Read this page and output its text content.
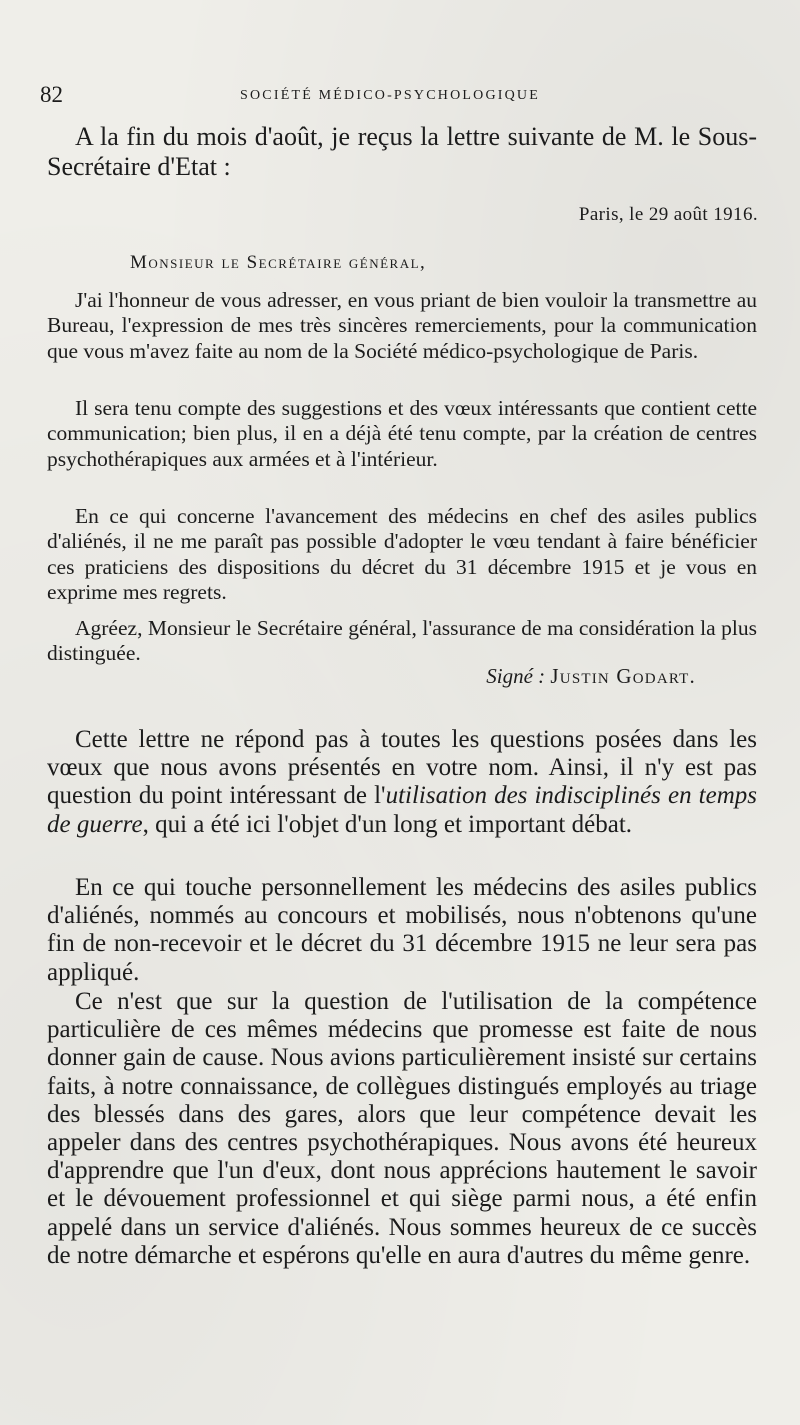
82	SOCIÉTÉ MÉDICO-PSYCHOLOGIQUE

A la fin du mois d'août, je reçus la lettre suivante de M. le Sous-Secrétaire d'Etat :

Paris, le 29 août 1916.
Monsieur le Secrétaire général,

J'ai l'honneur de vous adresser, en vous priant de bien vouloir la transmettre au Bureau, l'expression de mes très sincères remerciements, pour la communication que vous m'avez faite au nom de la Société médico-psychologique de Paris.

Il sera tenu compte des suggestions et des vœux intéressants que contient cette communication; bien plus, il en a déjà été tenu compte, par la création de centres psychothérapiques aux armées et à l'intérieur.

En ce qui concerne l'avancement des médecins en chef des asiles publics d'aliénés, il ne me paraît pas possible d'adopter le vœu tendant à faire bénéficier ces praticiens des dispositions du décret du 31 décembre 1915 et je vous en exprime mes regrets.

Agréez, Monsieur le Secrétaire général, l'assurance de ma considération la plus distinguée.

Signé : Justin Godart.

Cette lettre ne répond pas à toutes les questions posées dans les vœux que nous avons présentés en votre nom. Ainsi, il n'y est pas question du point intéressant de l'utilisation des indisciplinés en temps de guerre, qui a été ici l'objet d'un long et important débat.

En ce qui touche personnellement les médecins des asiles publics d'aliénés, nommés au concours et mobilisés, nous n'obtenons qu'une fin de non-recevoir et le décret du 31 décembre 1915 ne leur sera pas appliqué.

Ce n'est que sur la question de l'utilisation de la compétence particulière de ces mêmes médecins que promesse est faite de nous donner gain de cause. Nous avions particulièrement insisté sur certains faits, à notre connaissance, de collègues distingués employés au triage des blessés dans des gares, alors que leur compétence devait les appeler dans des centres psychothérapiques. Nous avons été heureux d'apprendre que l'un d'eux, dont nous apprécions hautement le savoir et le dévouement professionnel et qui siège parmi nous, a été enfin appelé dans un service d'aliénés. Nous sommes heureux de ce succès de notre démarche et espérons qu'elle en aura d'autres du même genre.
